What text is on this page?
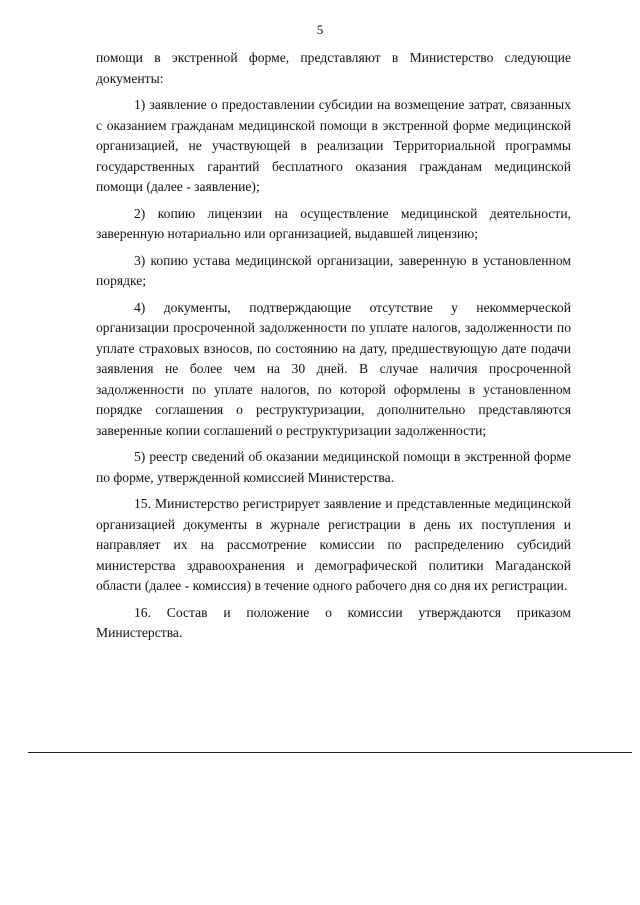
5

помощи в экстренной форме, представляют в Министерство следующие документы:

1) заявление о предоставлении субсидии на возмещение затрат, связанных с оказанием гражданам медицинской помощи в экстренной форме медицинской организацией, не участвующей в реализации Территориальной программы государственных гарантий бесплатного оказания гражданам медицинской помощи (далее - заявление);

2) копию лицензии на осуществление медицинской деятельности, заверенную нотариально или организацией, выдавшей лицензию;

3) копию устава медицинской организации, заверенную в установленном порядке;

4) документы, подтверждающие отсутствие у некоммерческой организации просроченной задолженности по уплате налогов, задолженности по уплате страховых взносов, по состоянию на дату, предшествующую дате подачи заявления не более чем на 30 дней. В случае наличия просроченной задолженности по уплате налогов, по которой оформлены в установленном порядке соглашения о реструктуризации, дополнительно представляются заверенные копии соглашений о реструктуризации задолженности;

5) реестр сведений об оказании медицинской помощи в экстренной форме по форме, утвержденной комиссией Министерства.

15. Министерство регистрирует заявление и представленные медицинской организацией документы в журнале регистрации в день их поступления и направляет их на рассмотрение комиссии по распределению субсидий министерства здравоохранения и демографической политики Магаданской области (далее - комиссия) в течение одного рабочего дня со дня их регистрации.

16. Состав и положение о комиссии утверждаются приказом Министерства.
